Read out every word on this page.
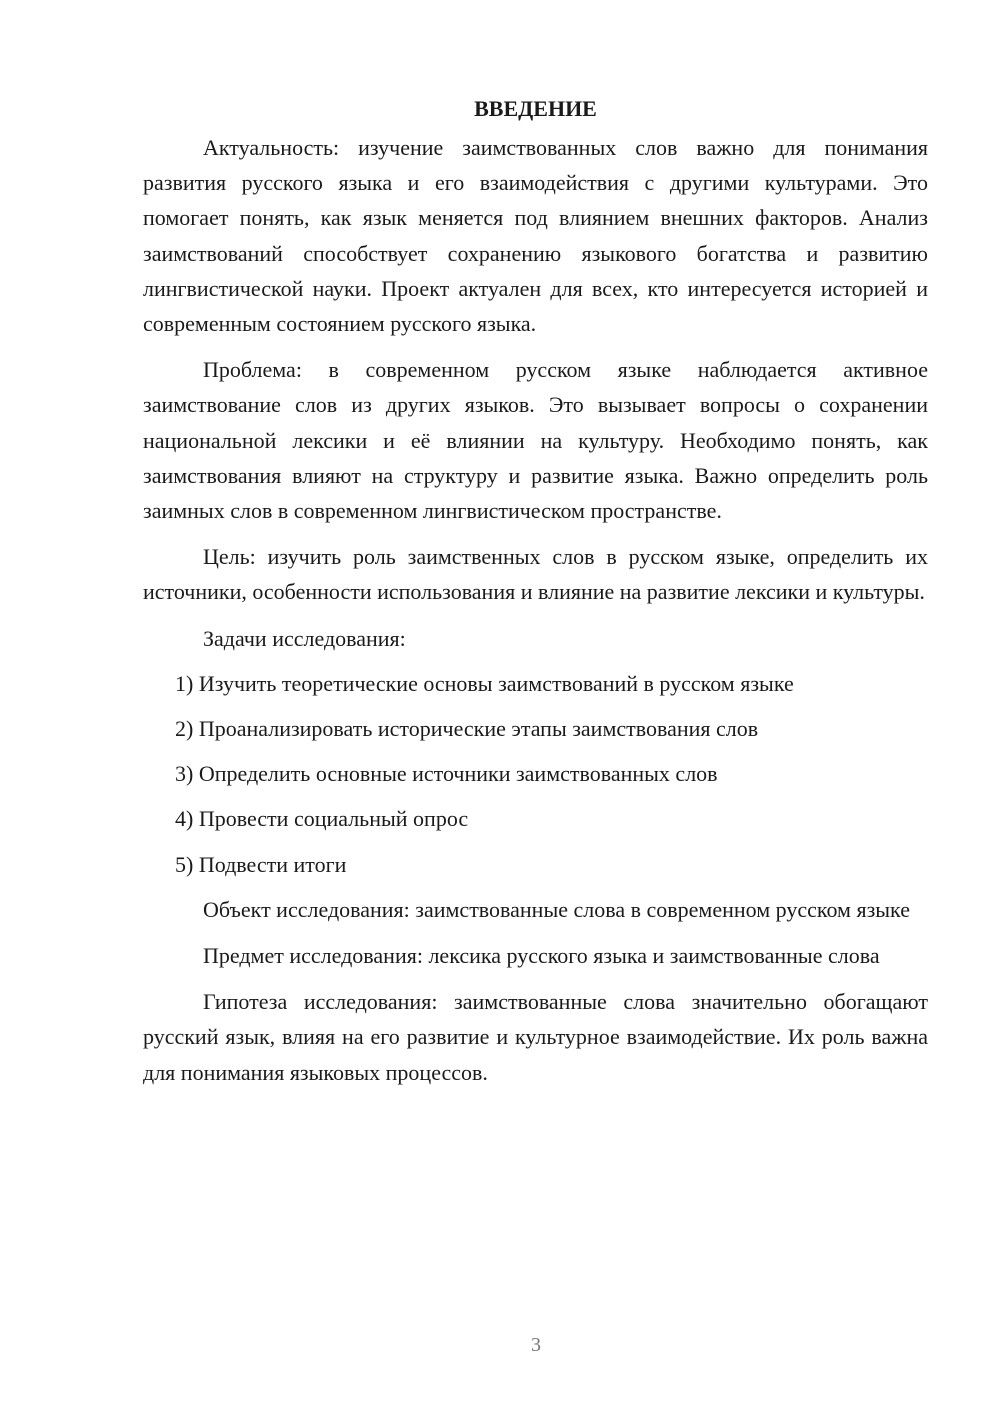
ВВЕДЕНИЕ

Актуальность: изучение заимствованных слов важно для понимания развития русского языка и его взаимодействия с другими культурами. Это помогает понять, как язык меняется под влиянием внешних факторов. Анализ заимствований способствует сохранению языкового богатства и развитию лингвистической науки. Проект актуален для всех, кто интересуется историей и современным состоянием русского языка.

Проблема: в современном русском языке наблюдается активное заимствование слов из других языков. Это вызывает вопросы о сохранении национальной лексики и её влиянии на культуру. Необходимо понять, как заимствования влияют на структуру и развитие языка. Важно определить роль заимных слов в современном лингвистическом пространстве.

Цель: изучить роль заимственных слов в русском языке, определить их источники, особенности использования и влияние на развитие лексики и культуры.

Задачи исследования:

1) Изучить теоретические основы заимствований в русском языке
2) Проанализировать исторические этапы заимствования слов
3) Определить основные источники заимствованных слов
4) Провести социальный опрос
5) Подвести итоги

Объект исследования: заимствованные слова в современном русском языке

Предмет исследования: лексика русского языка и заимствованные слова

Гипотеза исследования: заимствованные слова значительно обогащают русский язык, влияя на его развитие и культурное взаимодействие. Их роль важна для понимания языковых процессов.

3
